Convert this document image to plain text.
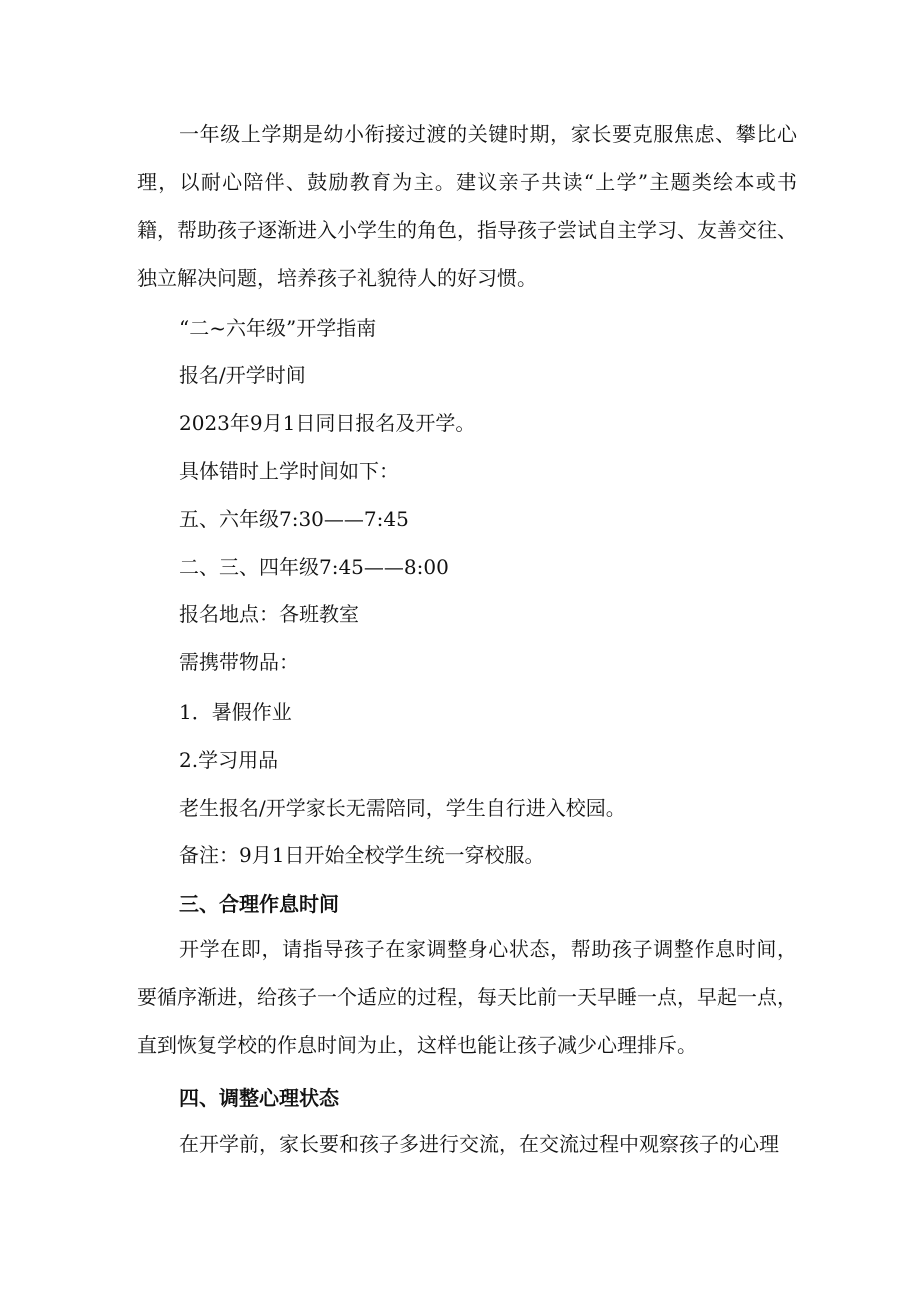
一年级上学期是幼小衔接过渡的关键时期，家长要克服焦虑、攀比心理，以耐心陪伴、鼓励教育为主。建议亲子共读“上学”主题类绘本或书籍，帮助孩子逐渐进入小学生的角色，指导孩子尝试自主学习、友善交往、独立解决问题，培养孩子礼貌待人的好习惯。

“二~六年级”开学指南

报名/开学时间

2023年9月1日同日报名及开学。

具体错时上学时间如下：

五、六年级7:30——7:45

二、三、四年级7:45——8:00

报名地点：各班教室

需携带物品：

1．暑假作业

2.学习用品

老生报名/开学家长无需陪同，学生自行进入校园。

备注：9月1日开始全校学生统一穿校服。

三、合理作息时间

开学在即，请指导孩子在家调整身心状态，帮助孩子调整作息时间，要循序渐进，给孩子一个适应的过程，每天比前一天早睡一点，早起一点，直到恢复学校的作息时间为止，这样也能让孩子减少心理排斥。

四、调整心理状态

在开学前，家长要和孩子多进行交流，在交流过程中观察孩子的心理
